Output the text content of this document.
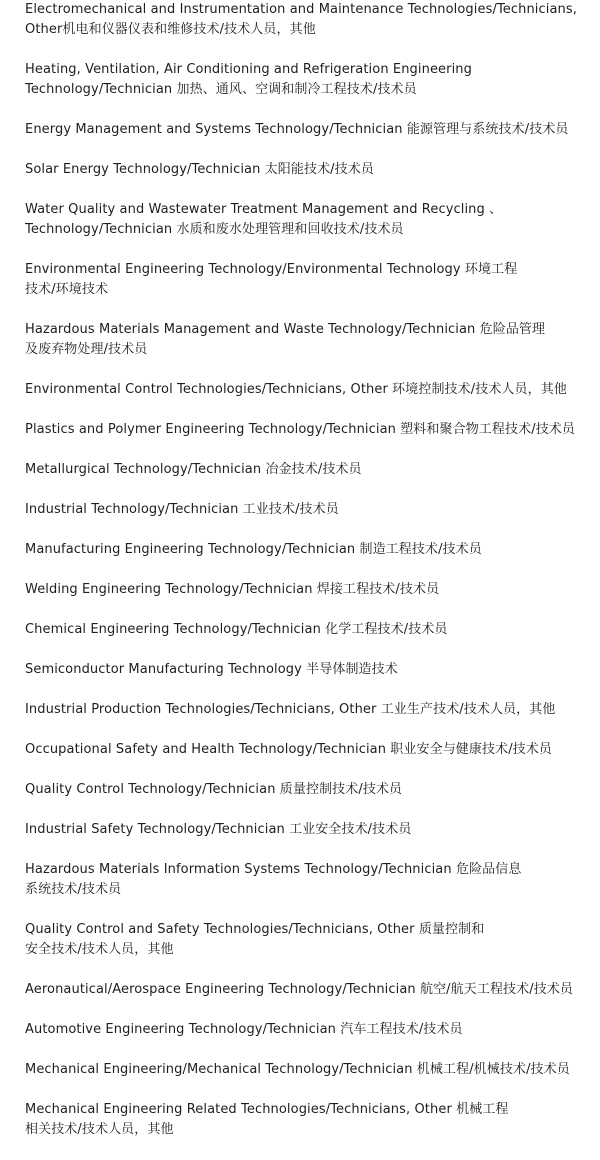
Electromechanical and Instrumentation and Maintenance Technologies/Technicians,
Other机电和仪器仪表和维修技术/技术人员，其他
Heating, Ventilation, Air Conditioning and Refrigeration Engineering
Technology/Technician 加热、通风、空调和制冷工程技术/技术员
Energy Management and Systems Technology/Technician 能源管理与系统技术/技术员
Solar Energy Technology/Technician 太阳能技术/技术员
Water Quality and Wastewater Treatment Management and Recycling 、
Technology/Technician 水质和废水处理管理和回收技术/技术员
Environmental Engineering Technology/Environmental Technology 环境工程
技术/环境技术
Hazardous Materials Management and Waste Technology/Technician 危险品管理
及废弃物处理/技术员
Environmental Control Technologies/Technicians, Other 环境控制技术/技术人员，其他
Plastics and Polymer Engineering Technology/Technician 塑料和聚合物工程技术/技术员
Metallurgical Technology/Technician 冶金技术/技术员
Industrial Technology/Technician 工业技术/技术员
Manufacturing Engineering Technology/Technician 制造工程技术/技术员
Welding Engineering Technology/Technician 焊接工程技术/技术员
Chemical Engineering Technology/Technician 化学工程技术/技术员
Semiconductor Manufacturing Technology 半导体制造技术
Industrial Production Technologies/Technicians, Other 工业生产技术/技术人员，其他
Occupational Safety and Health Technology/Technician 职业安全与健康技术/技术员
Quality Control Technology/Technician 质量控制技术/技术员
Industrial Safety Technology/Technician 工业安全技术/技术员
Hazardous Materials Information Systems Technology/Technician 危险品信息
系统技术/技术员
Quality Control and Safety Technologies/Technicians, Other 质量控制和
安全技术/技术人员，其他
Aeronautical/Aerospace Engineering Technology/Technician 航空/航天工程技术/技术员
Automotive Engineering Technology/Technician 汽车工程技术/技术员
Mechanical Engineering/Mechanical Technology/Technician 机械工程/机械技术/技术员
Mechanical Engineering Related Technologies/Technicians, Other 机械工程
相关技术/技术人员，其他
